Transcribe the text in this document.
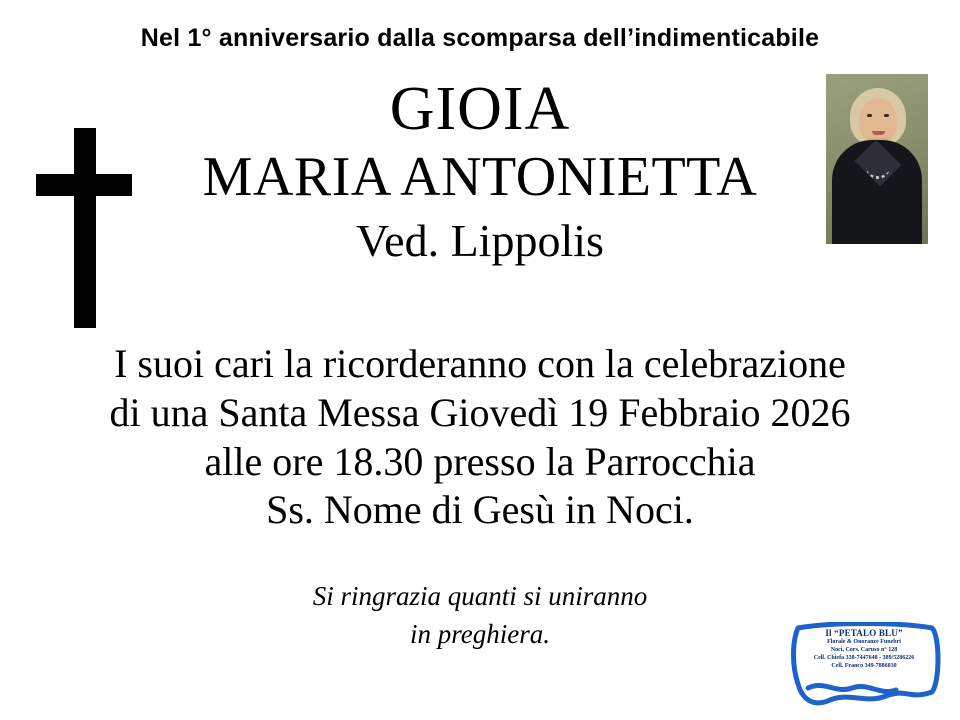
Nel 1° anniversario dalla scomparsa dell’indimenticabile
GIOIA
MARIA ANTONIETTA
Ved. Lippolis
I suoi cari la ricorderanno con la celebrazione
di una Santa Messa Giovedì 19 Febbraio 2026
alle ore 18.30 presso la Parrocchia
Ss. Nome di Gesù in Noci.
Si ringrazia quanti si uniranno
in preghiera.	Il “PETALO BLU”
Florale & Onoranze Funebri
Noci, Cors. Caruso n° 128
Cell. Chiefa 338-7447648 - 389/5286226
Cell. Franco 349-7886030
